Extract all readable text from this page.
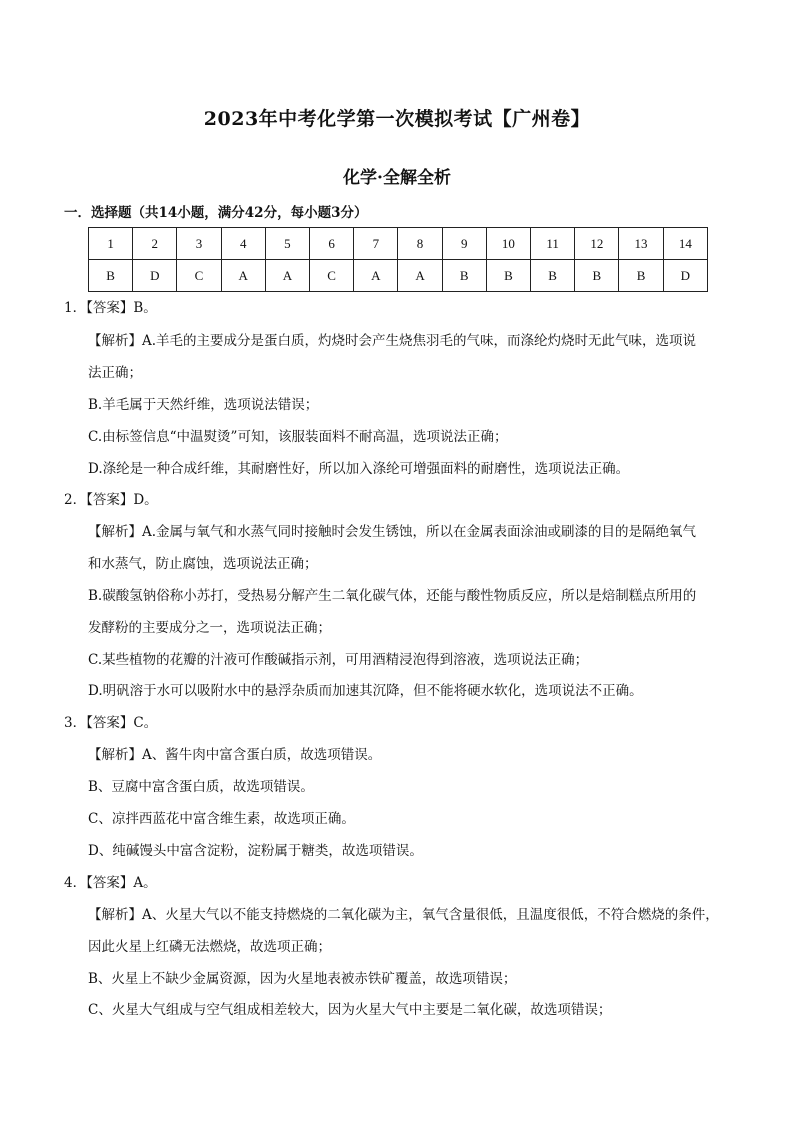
2023年中考化学第一次模拟考试【广州卷】
化学·全解全析
一．选择题（共14小题，满分42分，每小题3分）
1	2	3	4	5	6	7	8	9	10	11	12	13	14
B	D	C	A	A	C	A	A	B	B	B	B	B	D
1．【答案】B。
【解析】A.羊毛的主要成分是蛋白质，灼烧时会产生烧焦羽毛的气味，而涤纶灼烧时无此气味，选项说
法正确；
B.羊毛属于天然纤维，选项说法错误；
C.由标签信息“中温熨烫”可知，该服装面料不耐高温，选项说法正确；
D.涤纶是一种合成纤维，其耐磨性好，所以加入涤纶可增强面料的耐磨性，选项说法正确。
2．【答案】D。
【解析】A.金属与氧气和水蒸气同时接触时会发生锈蚀，所以在金属表面涂油或刷漆的目的是隔绝氧气
和水蒸气，防止腐蚀，选项说法正确；
B.碳酸氢钠俗称小苏打，受热易分解产生二氧化碳气体，还能与酸性物质反应，所以是焙制糕点所用的
发酵粉的主要成分之一，选项说法正确；
C.某些植物的花瓣的汁液可作酸碱指示剂，可用酒精浸泡得到溶液，选项说法正确；
D.明矾溶于水可以吸附水中的悬浮杂质而加速其沉降，但不能将硬水软化，选项说法不正确。
3．【答案】C。
【解析】A、酱牛肉中富含蛋白质，故选项错误。
B、豆腐中富含蛋白质，故选项错误。
C、凉拌西蓝花中富含维生素，故选项正确。
D、纯碱馒头中富含淀粉，淀粉属于糖类，故选项错误。
4．【答案】A。
【解析】A、火星大气以不能支持燃烧的二氧化碳为主，氧气含量很低，且温度很低，不符合燃烧的条件，
因此火星上红磷无法燃烧，故选项正确；
B、火星上不缺少金属资源，因为火星地表被赤铁矿覆盖，故选项错误；
C、火星大气组成与空气组成相差较大，因为火星大气中主要是二氧化碳，故选项错误；
